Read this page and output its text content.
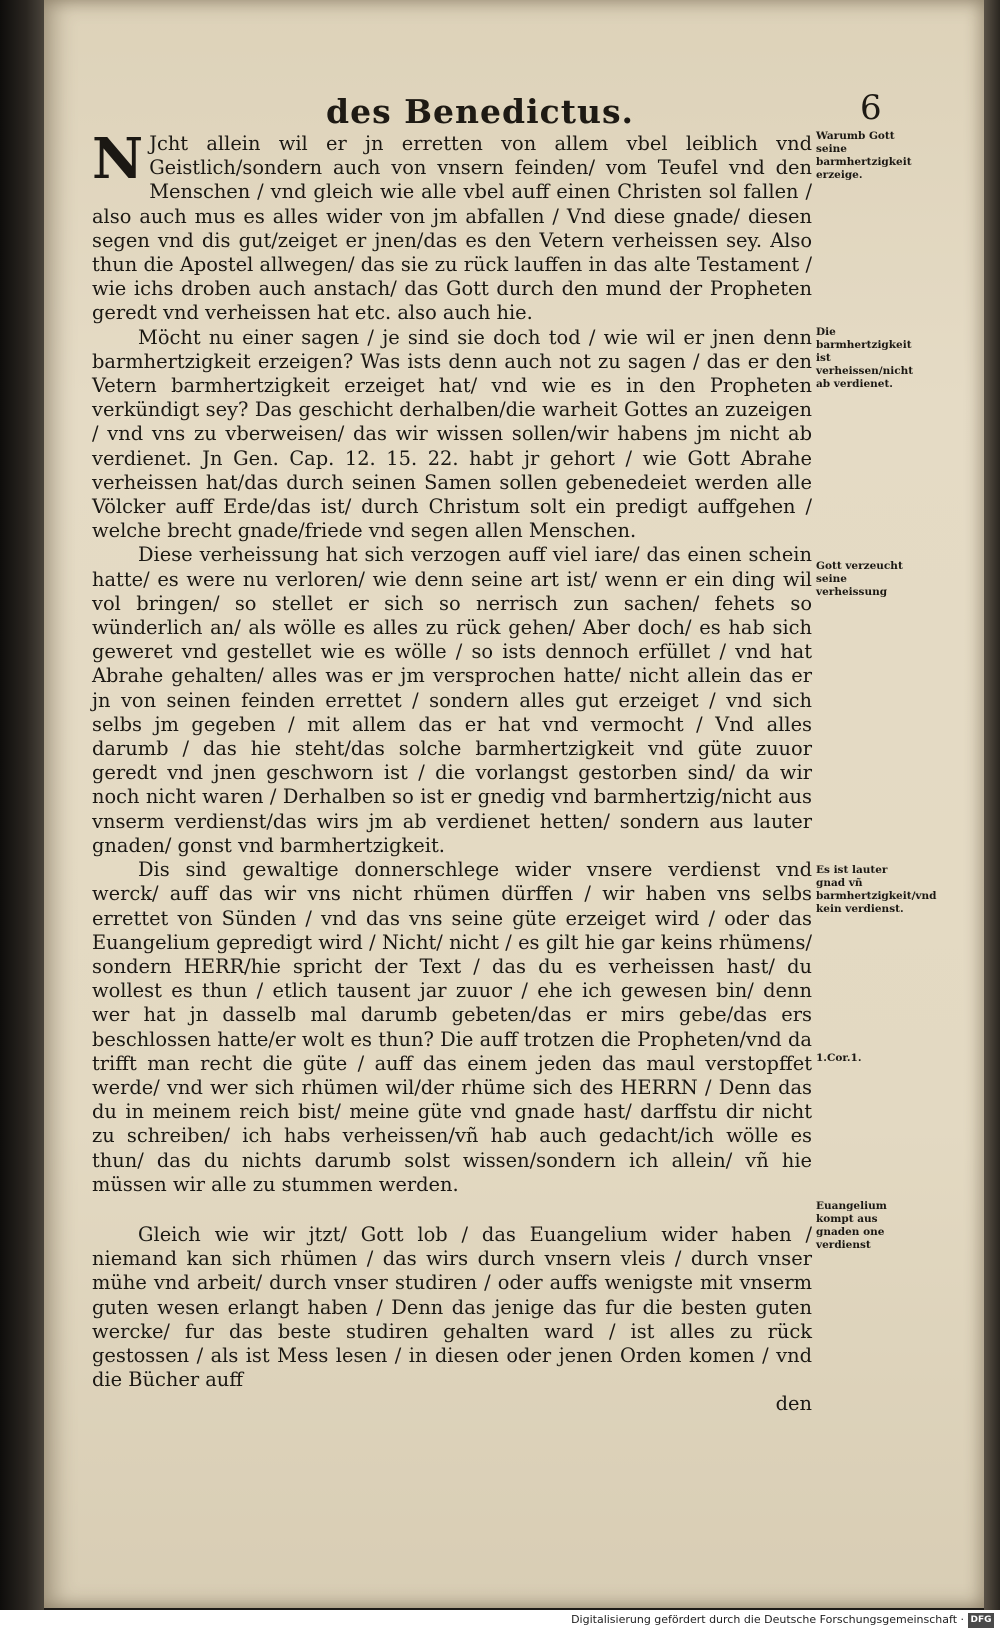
des Benedictus.	6

N Jcht allein wil er jn erretten von allem vbel leiblich vnd Geistlich/sondern auch von vnsern feinden/ vom Teufel vnd den Menschen / vnd gleich wie alle vbel auff einen Christen sol fallen / also auch mus es alles wider von jm abfallen / Vnd diese gnade/ diesen segen vnd dis gut/zeiget er jnen/das es den Vetern verheissen sey. Also thun die Apostel allwegen/ das sie zu rück lauffen in das alte Testament / wie ichs droben auch anstach/ das Gott durch den mund der Propheten geredt vnd verheissen hat etc. also auch hie.

Möcht nu einer sagen / je sind sie doch tod / wie wil er jnen denn barmhertzigkeit erzeigen? Was ists denn auch not zu sagen / das er den Vetern barmhertzigkeit erzeiget hat/ vnd wie es in den Propheten verkündigt sey? Das geschicht derhalben/die warheit Gottes an zuzeigen / vnd vns zu vberweisen/ das wir wissen sollen/wir habens jm nicht ab verdienet. Jn Gen. Cap. 12. 15. 22. habt jr gehort / wie Gott Abrahe verheissen hat/das durch seinen Samen sollen gebenedeiet werden alle Völcker auff Erde/das ist/ durch Christum solt ein predigt auffgehen / welche brecht gnade/friede vnd segen allen Menschen.

Diese verheissung hat sich verzogen auff viel iare/ das einen schein hatte/ es were nu verloren/ wie denn seine art ist/ wenn er ein ding wil vol bringen/ so stellet er sich so nerrisch zun sachen/ fehets so wünderlich an/ als wölle es alles zu rück gehen/ Aber doch/ es hab sich geweret vnd gestellet wie es wölle / so ists dennoch erfüllet / vnd hat Abrahe gehalten/ alles was er jm versprochen hatte/ nicht allein das er jn von seinen feinden errettet / sondern alles gut erzeiget / vnd sich selbs jm gegeben / mit allem das er hat vnd vermocht / Vnd alles darumb / das hie steht/das solche barmhertzigkeit vnd güte zuuor geredt vnd jnen geschworn ist / die vorlangst gestorben sind/ da wir noch nicht waren / Derhalben so ist er gnedig vnd barmhertzig/nicht aus vnserm verdienst/das wirs jm ab verdienet hetten/ sondern aus lauter gnaden/ gonst vnd barmhertzigkeit.

Dis sind gewaltige donnerschlege wider vnsere verdienst vnd werck/ auff das wir vns nicht rhümen dürffen / wir haben vns selbs errettet von Sünden / vnd das vns seine güte erzeiget wird / oder das Euangelium gepredigt wird / Nicht/ nicht / es gilt hie gar keins rhümens/ sondern HERR/hie spricht der Text / das du es verheissen hast/ du wollest es thun / etlich tausent jar zuuor / ehe ich gewesen bin/ denn wer hat jn dasselb mal darumb gebeten/das er mirs gebe/das ers beschlossen hatte/er wolt es thun? Die auff trotzen die Propheten/vnd da trifft man recht die güte / auff das einem jeden das maul verstopffet werde/ vnd wer sich rhümen wil/der rhüme sich des HERRN / Denn das du in meinem reich bist/ meine güte vnd gnade hast/ darffstu dir nicht zu schreiben/ ich habs verheissen/vñ hab auch gedacht/ich wölle es thun/ das du nichts darumb solst wissen/sondern ich allein/ vñ hie müssen wir alle zu stummen werden.

Gleich wie wir jtzt/ Gott lob / das Euangelium wider haben / niemand kan sich rhümen / das wirs durch vnsern vleis / durch vnser mühe vnd arbeit/ durch vnser studiren / oder auffs wenigste mit vnserm guten wesen erlangt haben / Denn das jenige das fur die besten guten wercke/ fur das beste studiren gehalten ward / ist alles zu rück gestossen / als ist Mess lesen / in diesen oder jenen Orden komen / vnd die Bücher auff

den

Warumb Gott seine barmhertzigkeit erzeige.
Die barmhertzigkeit ist verheissen/nicht ab verdienet.
Gott verzeucht seine verheissung
Es ist lauter gnad vñ barmhertzigkeit/vnd kein verdienst.
1.Cor.1.
Euangelium kompt aus gnaden one verdienst
Digitalisierung gefördert durch die Deutsche Forschungsgemeinschaft · DFG
